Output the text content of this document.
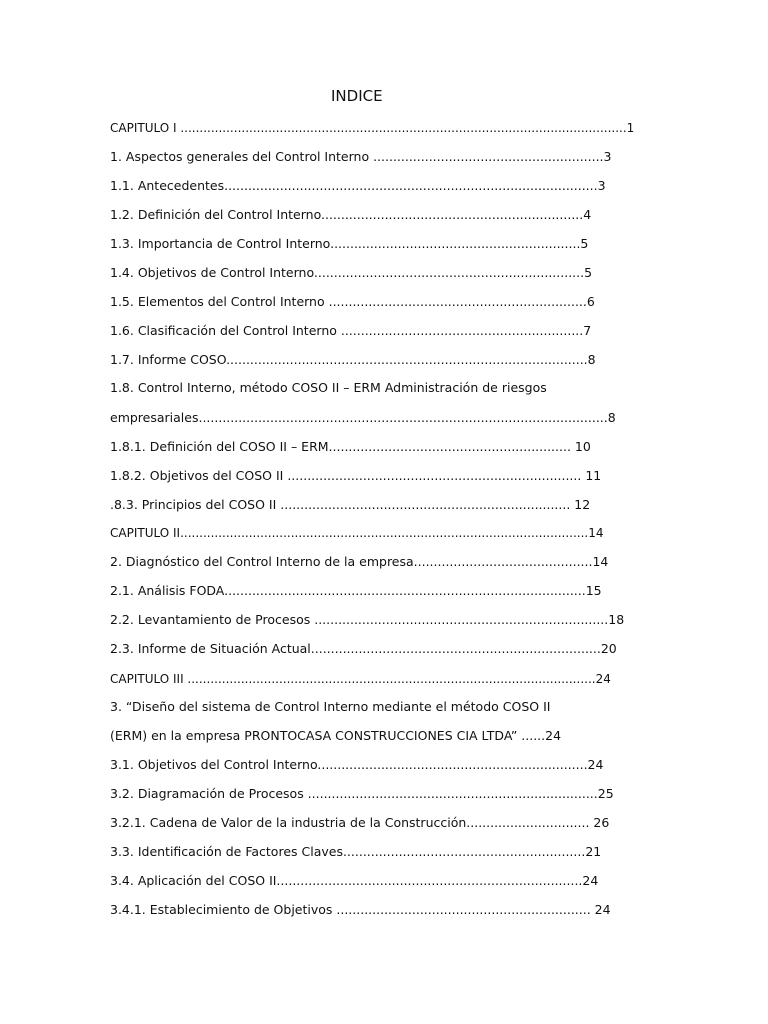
INDICE
CAPITULO I .....................................................................................................................1
1. Aspectos generales del Control Interno ..........................................................3
1.1. Antecedentes..............................................................................................3
1.2. Definición del Control Interno..................................................................4
1.3. Importancia de Control Interno...............................................................5
1.4. Objetivos de Control Interno....................................................................5
1.5. Elementos del Control Interno .................................................................6
1.6. Clasificación del Control Interno .............................................................7
1.7. Informe COSO...........................................................................................8
1.8. Control Interno, método COSO II – ERM Administración de riesgos
empresariales.......................................................................................................8
1.8.1. Definición del COSO II – ERM............................................................. 10
1.8.2. Objetivos del COSO II .......................................................................... 11
.8.3. Principios del COSO II ......................................................................... 12
CAPITULO II...........................................................................................................14
2. Diagnóstico del Control Interno de la empresa.............................................14
2.1. Análisis FODA...........................................................................................15
2.2. Levantamiento de Procesos ..........................................................................18
2.3. Informe de Situación Actual.........................................................................20
CAPITULO III ...........................................................................................................24
3. “Diseño del sistema de Control Interno mediante el método COSO II
(ERM) en la empresa PRONTOCASA CONSTRUCCIONES CIA LTDA” ......24
3.1. Objetivos del Control Interno....................................................................24
3.2. Diagramación de Procesos .........................................................................25
3.2.1. Cadena de Valor de la industria de la Construcción............................... 26
3.3. Identificación de Factores Claves.............................................................21
3.4. Aplicación del COSO II.............................................................................24
3.4.1. Establecimiento de Objetivos ................................................................ 24
